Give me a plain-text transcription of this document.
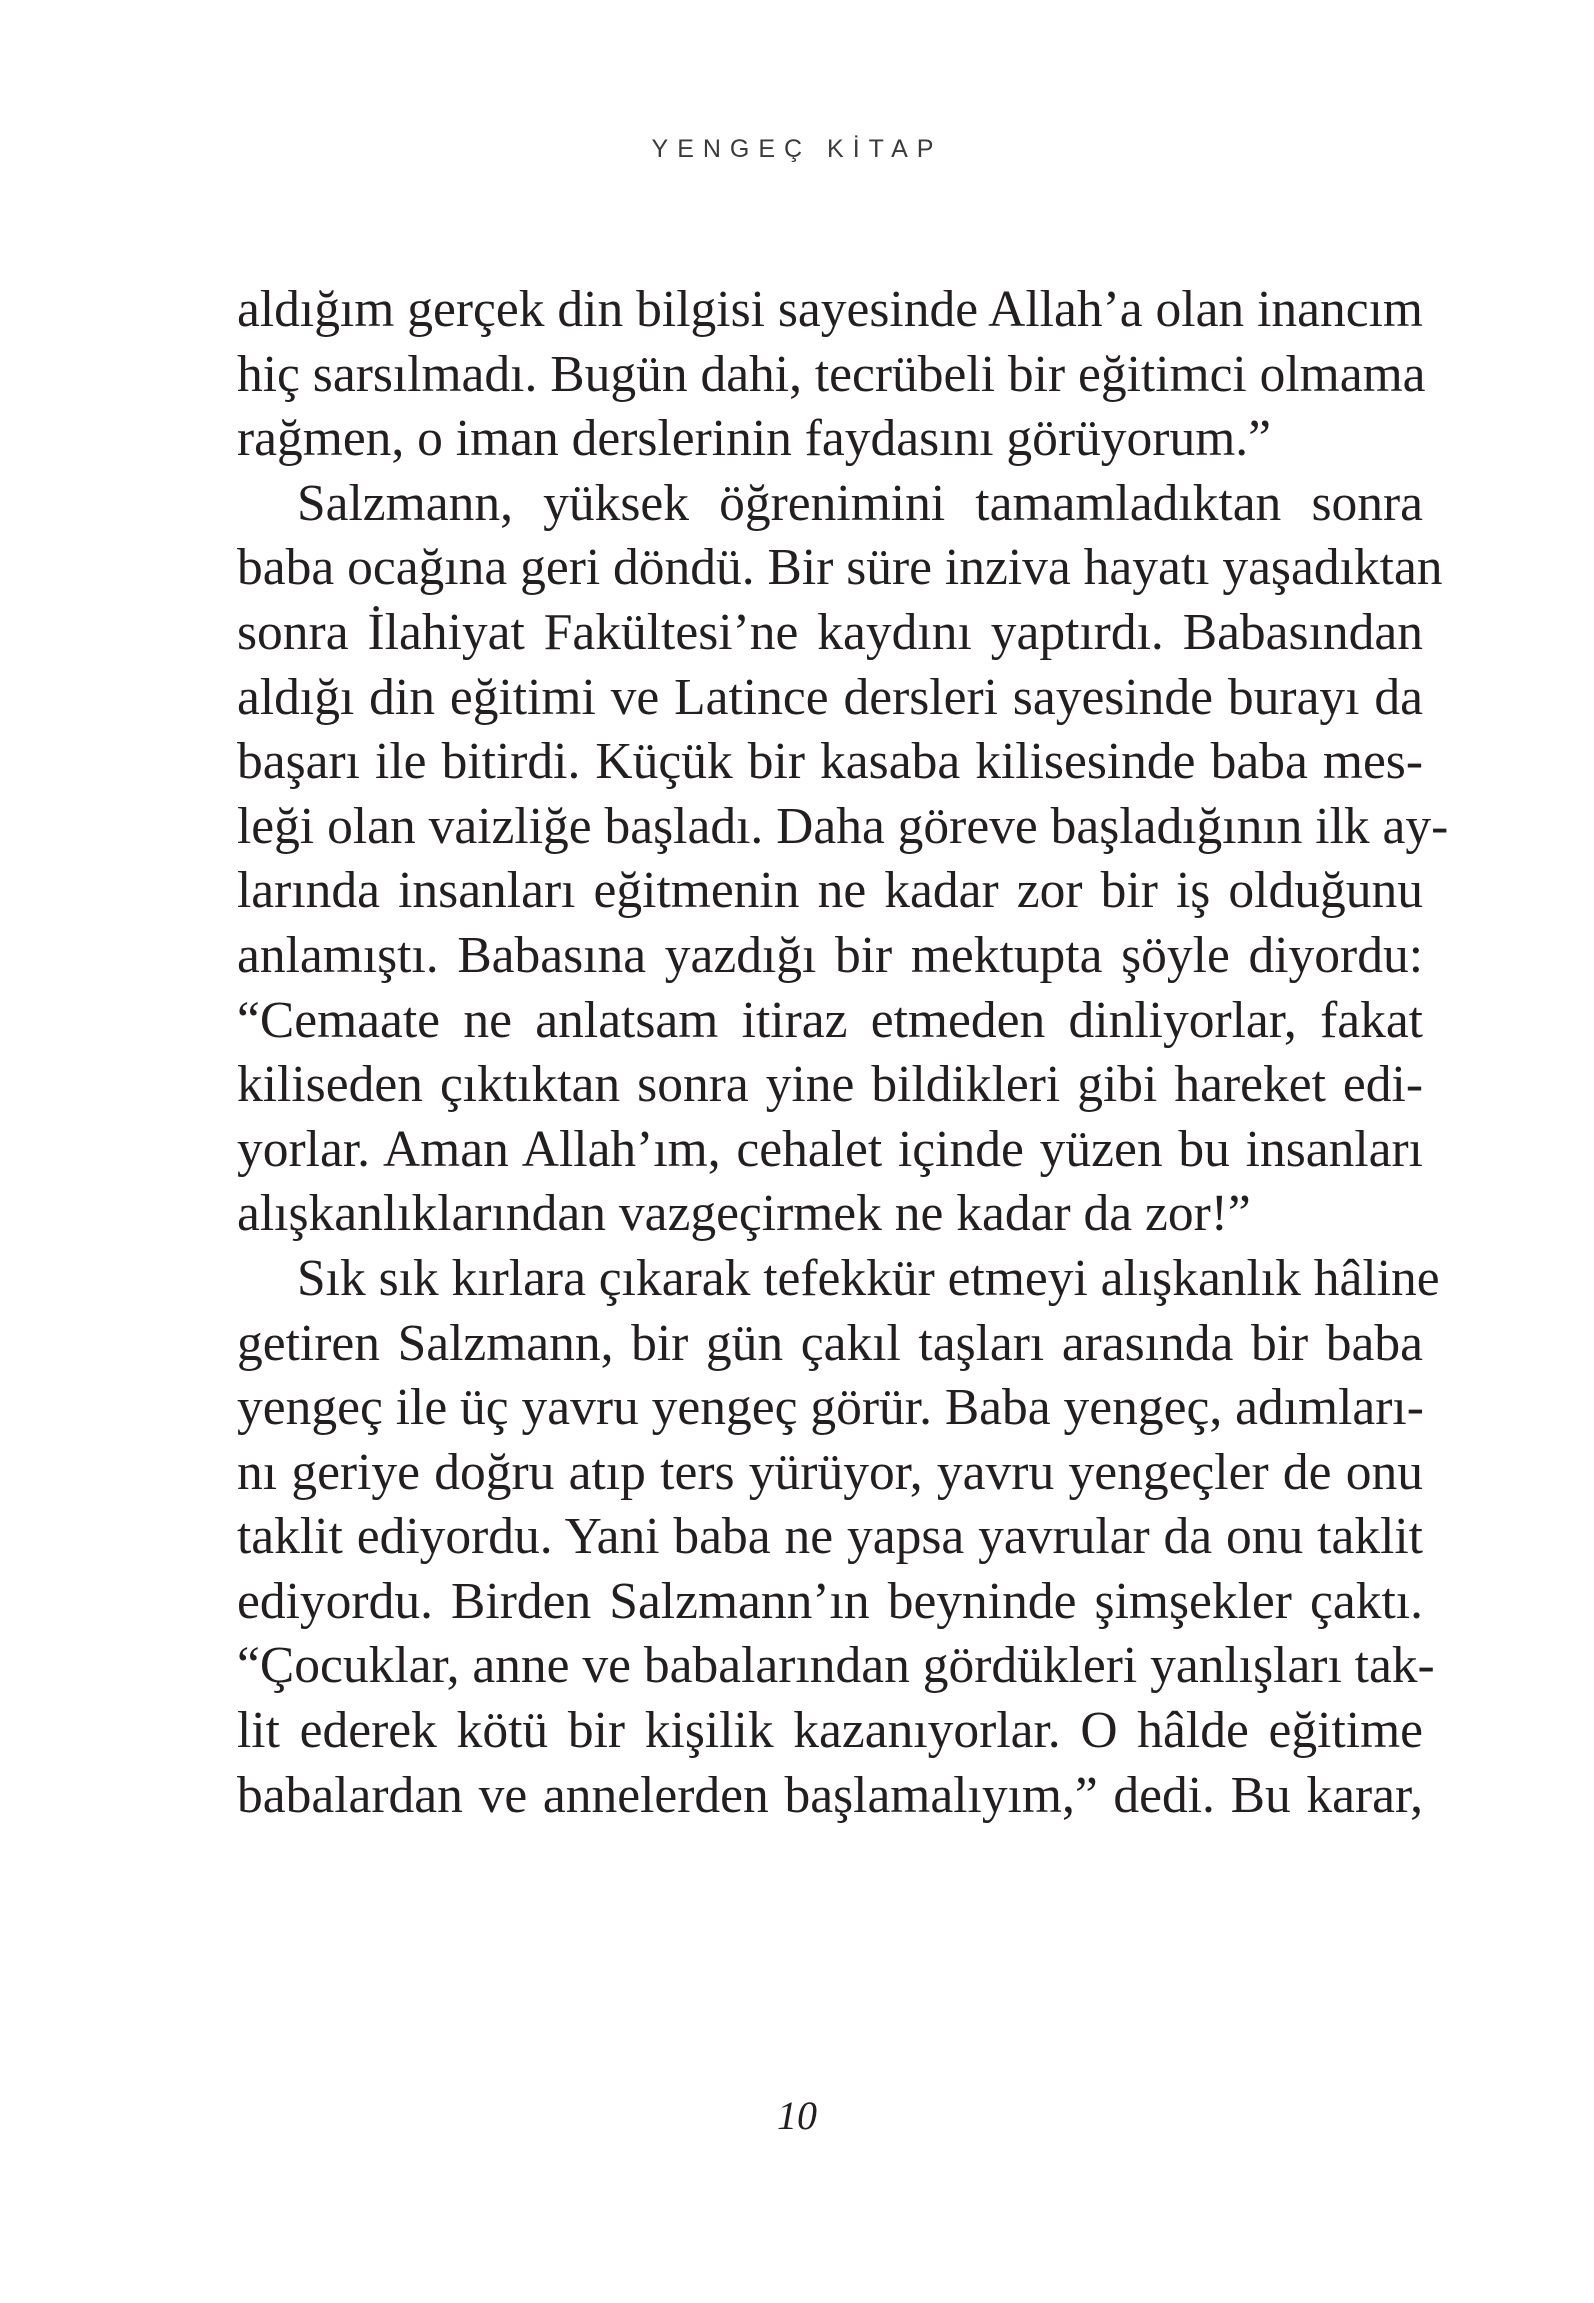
YENGEÇ KİTAP
aldığım gerçek din bilgisi sayesinde Allah’a olan inancım
hiç sarsılmadı. Bugün dahi, tecrübeli bir eğitimci olmama
rağmen, o iman derslerinin faydasını görüyorum.”
Salzmann, yüksek öğrenimini tamamladıktan sonra
baba ocağına geri döndü. Bir süre inziva hayatı yaşadıktan
sonra İlahiyat Fakültesi’ne kaydını yaptırdı. Babasından
aldığı din eğitimi ve Latince dersleri sayesinde burayı da
başarı ile bitirdi. Küçük bir kasaba kilisesinde baba mes-
leği olan vaizliğe başladı. Daha göreve başladığının ilk ay-
larında insanları eğitmenin ne kadar zor bir iş olduğunu
anlamıştı. Babasına yazdığı bir mektupta şöyle diyordu:
“Cemaate ne anlatsam itiraz etmeden dinliyorlar, fakat
kiliseden çıktıktan sonra yine bildikleri gibi hareket edi-
yorlar. Aman Allah’ım, cehalet içinde yüzen bu insanları
alışkanlıklarından vazgeçirmek ne kadar da zor!”
Sık sık kırlara çıkarak tefekkür etmeyi alışkanlık hâline
getiren Salzmann, bir gün çakıl taşları arasında bir baba
yengeç ile üç yavru yengeç görür. Baba yengeç, adımları-
nı geriye doğru atıp ters yürüyor, yavru yengeçler de onu
taklit ediyordu. Yani baba ne yapsa yavrular da onu taklit
ediyordu. Birden Salzmann’ın beyninde şimşekler çaktı.
“Çocuklar, anne ve babalarından gördükleri yanlışları tak-
lit ederek kötü bir kişilik kazanıyorlar. O hâlde eğitime
babalardan ve annelerden başlamalıyım,” dedi. Bu karar,
10
